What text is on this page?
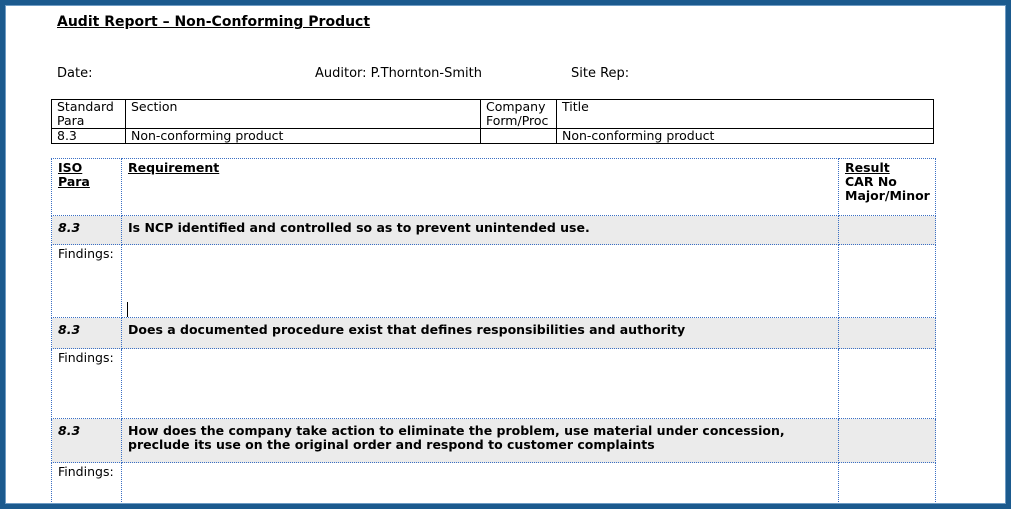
Audit Report – Non-Conforming Product
Date:	Auditor: P.Thornton-Smith	Site Rep:
Standard Para	Section	Company Form/Proc	Title
8.3	Non-conforming product		Non-conforming product
ISO Para	Requirement	Result
CAR No
Major/Minor

8.3	Is NCP identified and controlled so as to prevent unintended use.	
Findings:		
8.3	Does a documented procedure exist that defines responsibilities and authority	
Findings:		
8.3	How does the company take action to eliminate the problem, use material under concession, preclude its use on the original order and respond to customer complaints	
Findings:		
